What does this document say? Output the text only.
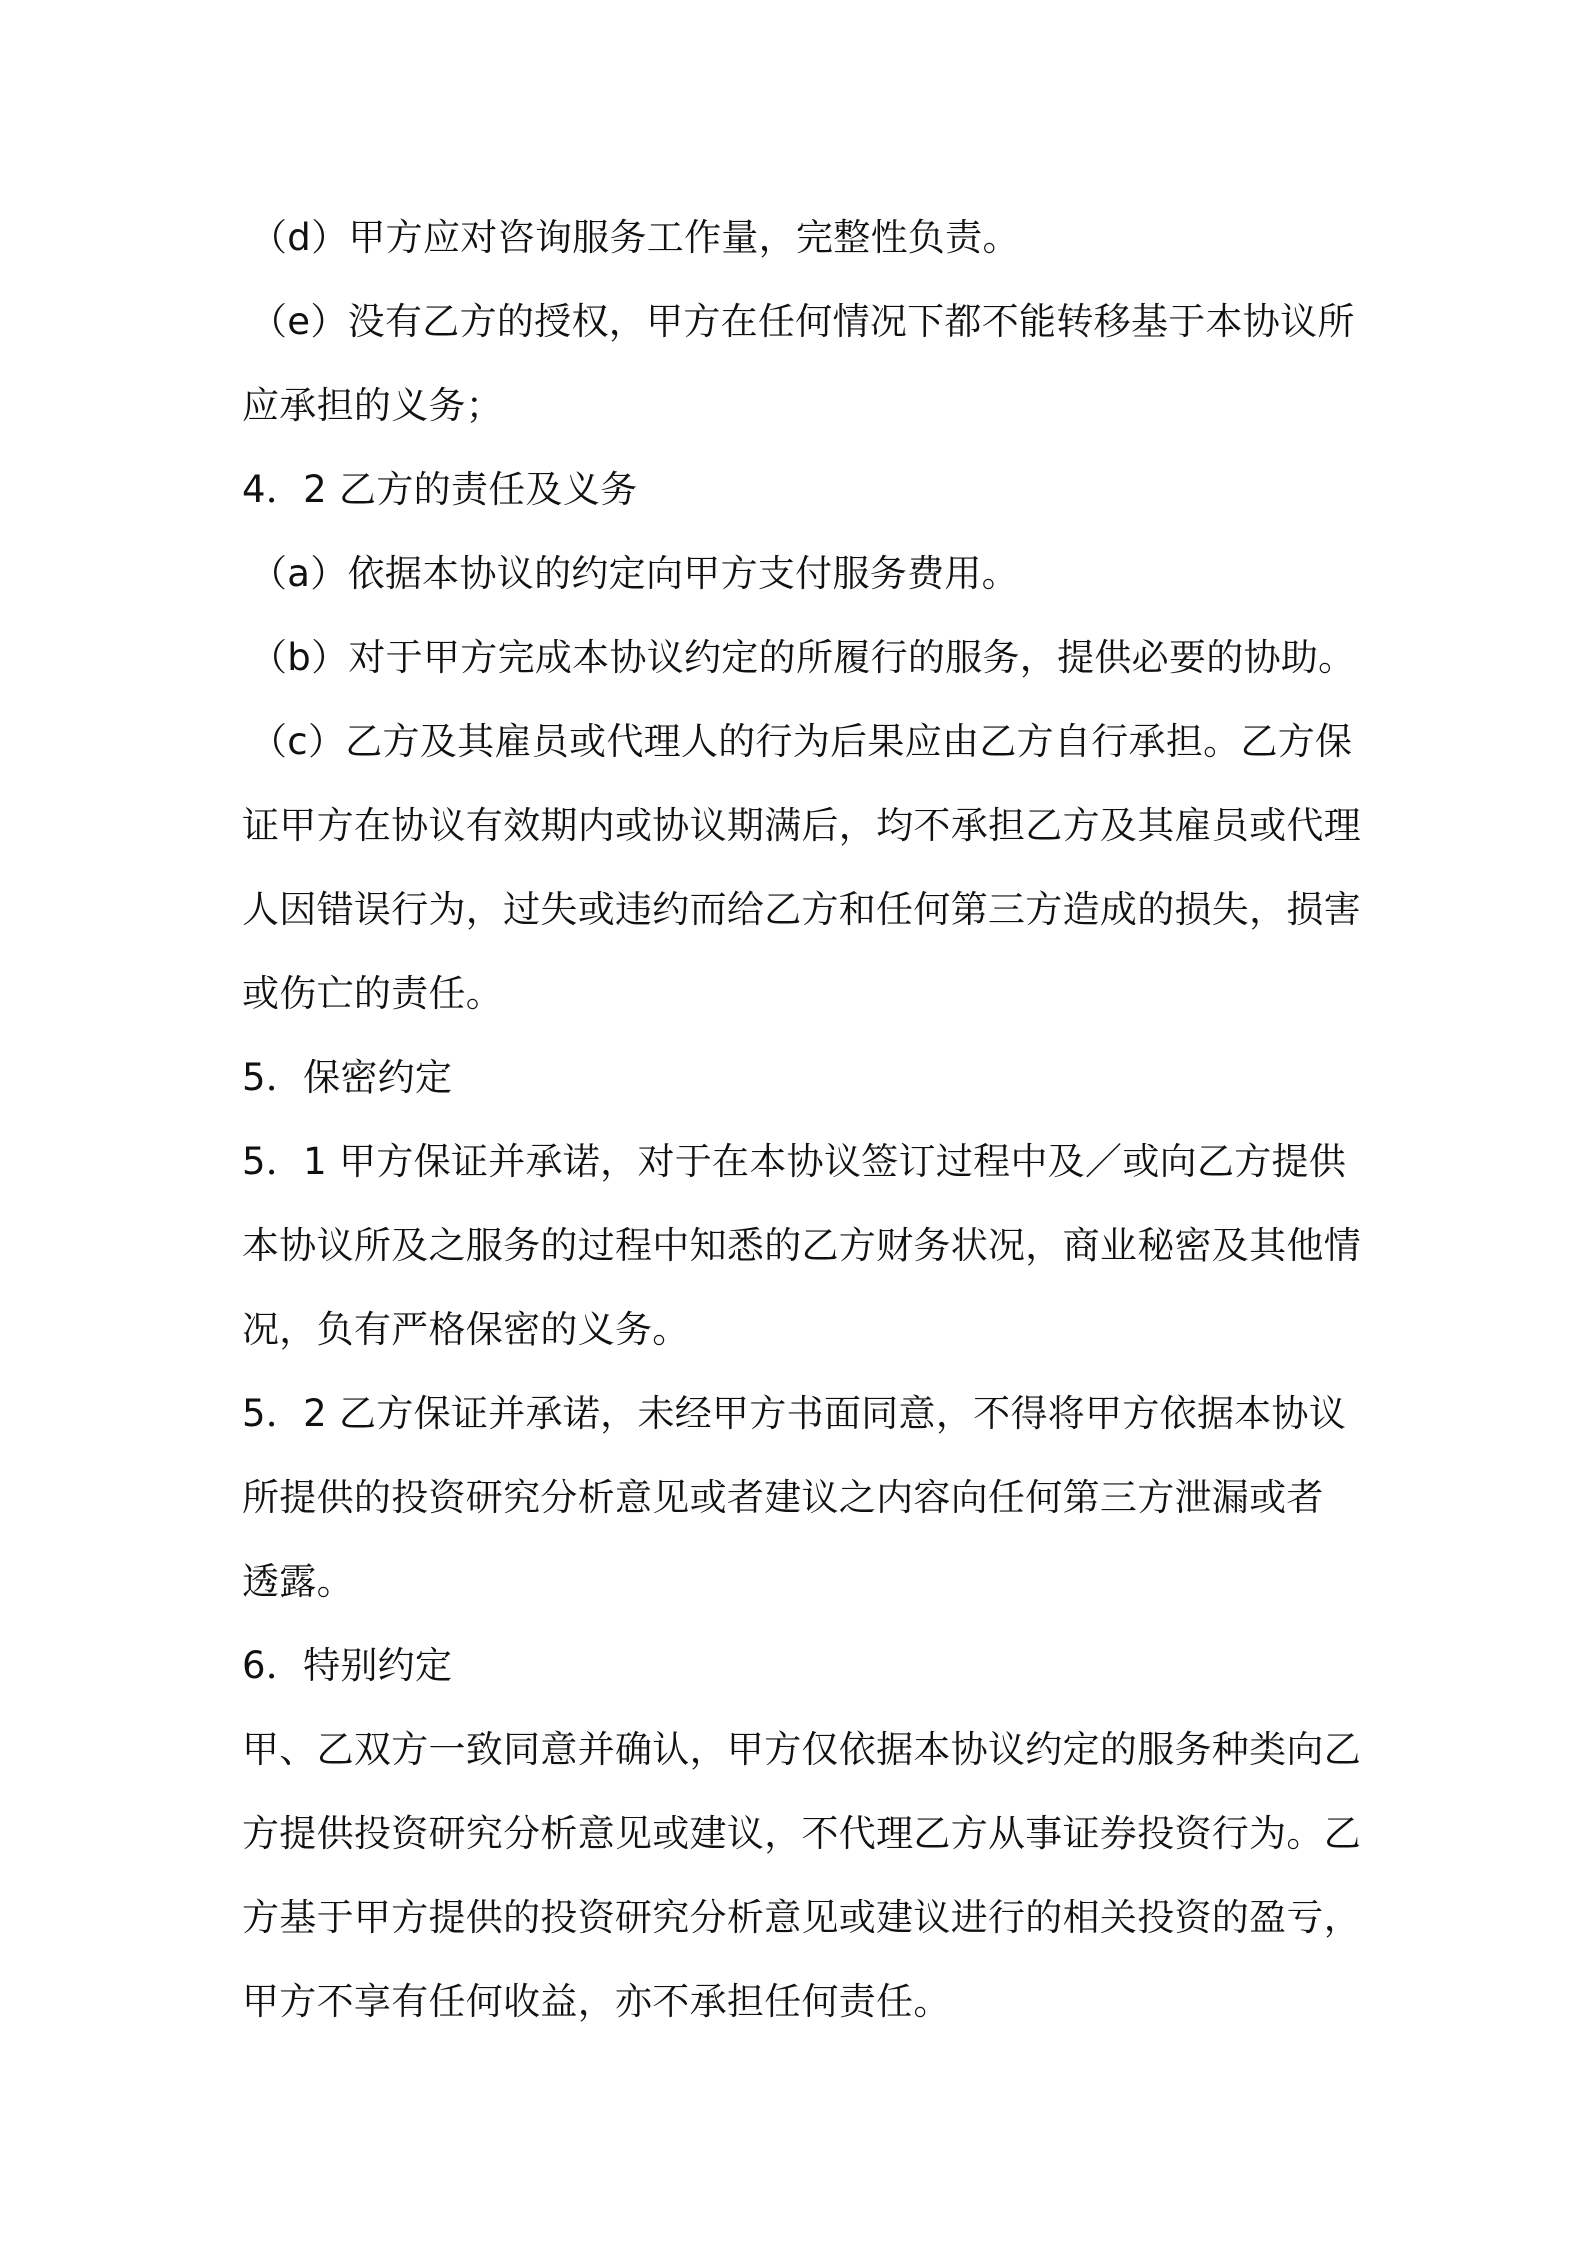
（d）甲方应对咨询服务工作量，完整性负责。
（e）没有乙方的授权，甲方在任何情况下都不能转移基于本协议所
应承担的义务；
4．2 乙方的责任及义务
（a）依据本协议的约定向甲方支付服务费用。
（b）对于甲方完成本协议约定的所履行的服务，提供必要的协助。
（c）乙方及其雇员或代理人的行为后果应由乙方自行承担。乙方保
证甲方在协议有效期内或协议期满后，均不承担乙方及其雇员或代理
人因错误行为，过失或违约而给乙方和任何第三方造成的损失，损害
或伤亡的责任。
5．保密约定
5．1 甲方保证并承诺，对于在本协议签订过程中及／或向乙方提供
本协议所及之服务的过程中知悉的乙方财务状况，商业秘密及其他情
况，负有严格保密的义务。
5．2 乙方保证并承诺，未经甲方书面同意，不得将甲方依据本协议
所提供的投资研究分析意见或者建议之内容向任何第三方泄漏或者
透露。
6．特别约定
甲、乙双方一致同意并确认，甲方仅依据本协议约定的服务种类向乙
方提供投资研究分析意见或建议，不代理乙方从事证券投资行为。乙
方基于甲方提供的投资研究分析意见或建议进行的相关投资的盈亏，
甲方不享有任何收益，亦不承担任何责任。
